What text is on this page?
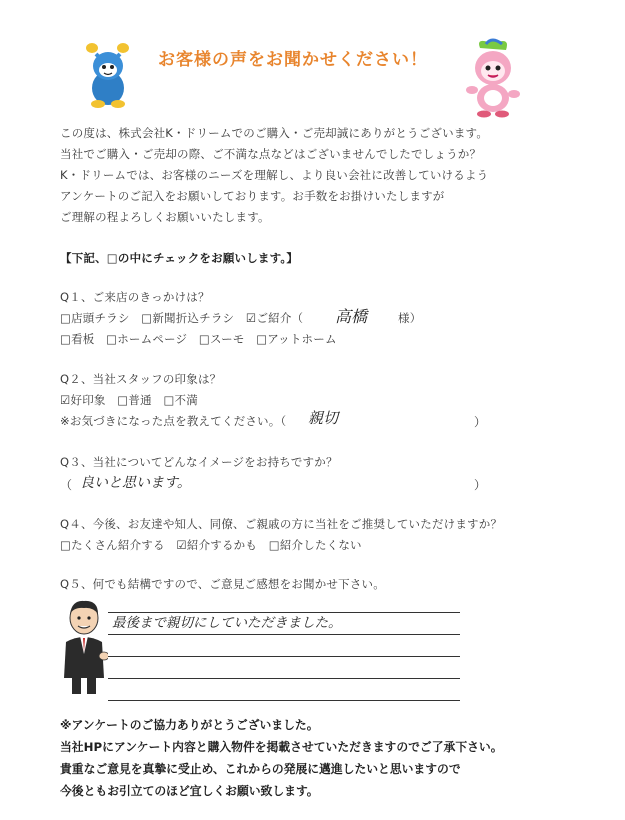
お客様の声をお聞かせください！
この度は、株式会社K・ドリームでのご購入・ご売却誠にありがとうございます。
当社でご購入・ご売却の際、ご不満な点などはございませんでしたでしょうか？
K・ドリームでは、お客様のニーズを理解し、より良い会社に改善していけるよう
アンケートのご記入をお願いしております。お手数をお掛けいたしますが
ご理解の程よろしくお願いいたします。
【下記、□の中にチェックをお願いします。】
Q１、ご来店のきっかけは？
□店頭チラシ　□新聞折込チラシ　☑ご紹介（ 高橋	様）
□看板　□ホームページ　□スーモ　□アットホーム
Q２、当社スタッフの印象は？
☑好印象　□普通　□不満
※お気づきになった点を教えてください。（ 親切	）
Q３、当社についてどんなイメージをお持ちですか？
（ 良いと思います。	）
Q４、今後、お友達や知人、同僚、ご親戚の方に当社をご推奨していただけますか？
□たくさん紹介する　☑紹介するかも　□紹介したくない
Q５、何でも結構ですので、ご意見ご感想をお聞かせ下さい。
最後まで親切にしていただきました。
※アンケートのご協力ありがとうございました。
当社HPにアンケート内容と購入物件を掲載させていただきますのでご了承下さい。
貴重なご意見を真摯に受止め、これからの発展に邁進したいと思いますので
今後ともお引立てのほど宜しくお願い致します。
